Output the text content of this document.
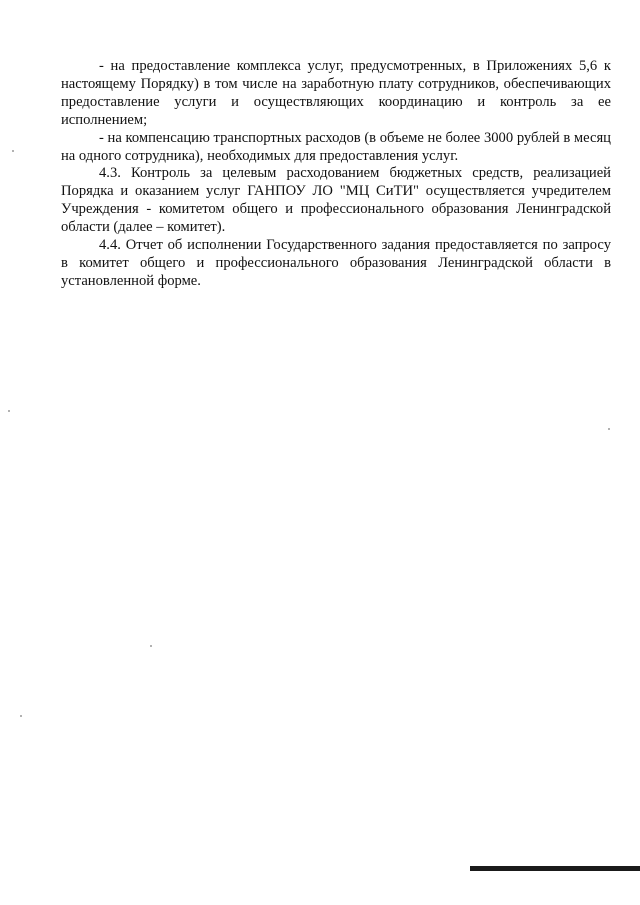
- на предоставление комплекса услуг, предусмотренных, в Приложениях 5,6 к настоящему Порядку) в том числе на заработную плату сотрудников, обеспечивающих предоставление услуги и осуществляющих координацию и контроль за ее исполнением;

- на компенсацию транспортных расходов (в объеме не более 3000 рублей в месяц на одного сотрудника), необходимых для предоставления услуг.

4.3. Контроль за целевым расходованием бюджетных средств, реализацией Порядка и оказанием услуг ГАНПОУ ЛО "МЦ СиТИ" осуществляется учредителем Учреждения - комитетом общего и профессионального образования Ленинградской области (далее – комитет).

4.4. Отчет об исполнении Государственного задания предоставляется по запросу в комитет общего и профессионального образования Ленинградской области в установленной форме.
